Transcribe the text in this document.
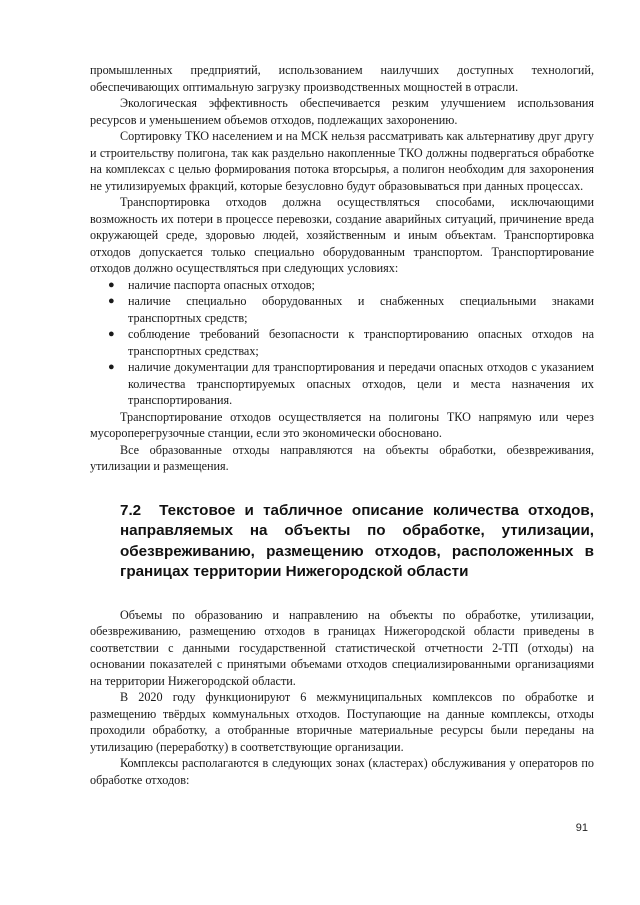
промышленных предприятий, использованием наилучших доступных технологий, обеспечивающих оптимальную загрузку производственных мощностей в отрасли.

Экологическая эффективность обеспечивается резким улучшением использования ресурсов и уменьшением объемов отходов, подлежащих захоронению.

Сортировку ТКО населением и на МСК нельзя рассматривать как альтернативу друг другу и строительству полигона, так как раздельно накопленные ТКО должны подвергаться обработке на комплексах с целью формирования потока вторсырья, а полигон необходим для захоронения не утилизируемых фракций, которые безусловно будут образовываться при данных процессах.

Транспортировка отходов должна осуществляться способами, исключающими возможность их потери в процессе перевозки, создание аварийных ситуаций, причинение вреда окружающей среде, здоровью людей, хозяйственным и иным объектам. Транспортировка отходов допускается только специально оборудованным транспортом. Транспортирование отходов должно осуществляться при следующих условиях:

● наличие паспорта опасных отходов;
● наличие специально оборудованных и снабженных специальными знаками транспортных средств;
● соблюдение требований безопасности к транспортированию опасных отходов на транспортных средствах;
● наличие документации для транспортирования и передачи опасных отходов с указанием количества транспортируемых опасных отходов, цели и места назначения их транспортирования.

Транспортирование отходов осуществляется на полигоны ТКО напрямую или через мусороперегрузочные станции, если это экономически обосновано.

Все образованные отходы направляются на объекты обработки, обезвреживания, утилизации и размещения.

7.2 Текстовое и табличное описание количества отходов, направляемых на объекты по обработке, утилизации, обезвреживанию, размещению отходов, расположенных в границах территории Нижегородской области

Объемы по образованию и направлению на объекты по обработке, утилизации, обезвреживанию, размещению отходов в границах Нижегородской области приведены в соответствии с данными государственной статистической отчетности 2-ТП (отходы) на основании показателей с принятыми объемами отходов специализированными организациями на территории Нижегородской области.

В 2020 году функционируют 6 межмуниципальных комплексов по обработке и размещению твёрдых коммунальных отходов. Поступающие на данные комплексы, отходы проходили обработку, а отобранные вторичные материальные ресурсы были переданы на утилизацию (переработку) в соответствующие организации.

Комплексы располагаются в следующих зонах (кластерах) обслуживания у операторов по обработке отходов:

91
